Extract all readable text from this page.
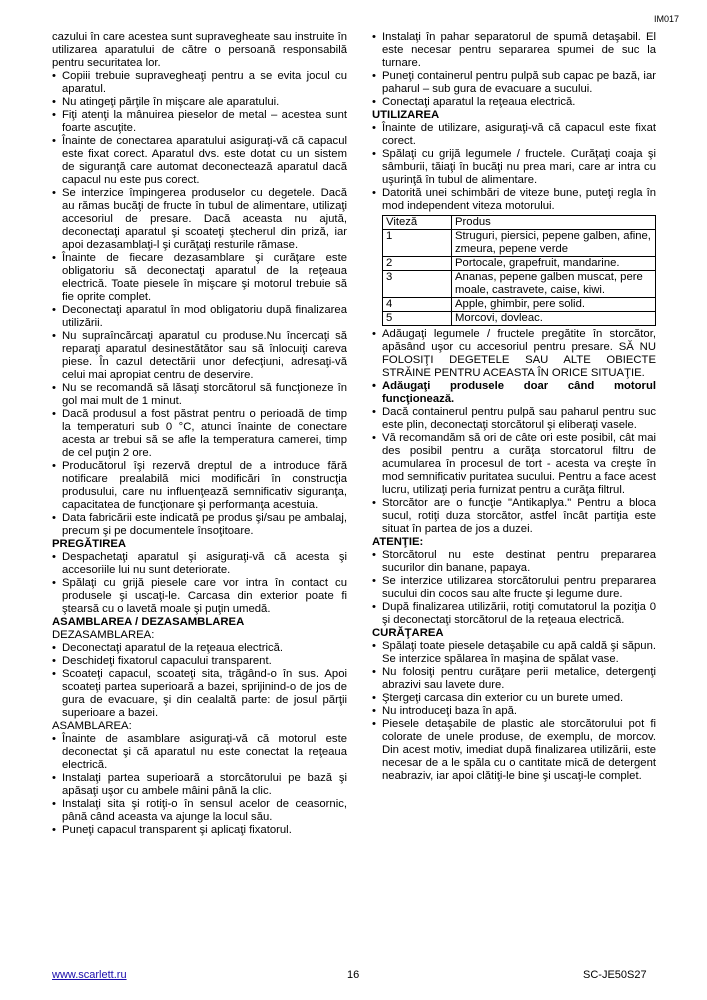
IM017

cazului în care acestea sunt supravegheate sau instruite în utilizarea aparatului de către o persoană responsabilă pentru securitatea lor.

• Copiii trebuie supravegheaţi pentru a se evita jocul cu aparatul.
• Nu atingeţi părţile în mişcare ale aparatului.
• Fiţi atenţi la mânuirea pieselor de metal – acestea sunt foarte ascuţite.
• Înainte de conectarea aparatului asiguraţi-vă că capacul este fixat corect. Aparatul dvs. este dotat cu un sistem de siguranţă care automat deconectează aparatul dacă capacul nu este pus corect.
• Se interzice împingerea produselor cu degetele. Dacă au rămas bucăţi de fructe în tubul de alimentare, utilizaţi accesoriul de presare. Dacă aceasta nu ajută, deconectaţi aparatul şi scoateţi ştecherul din priză, iar apoi dezasamblaţi-l şi curăţaţi resturile rămase.
• Înainte de fiecare dezasamblare şi curăţare este obligatoriu să deconectaţi aparatul de la reţeaua electrică. Toate piesele în mişcare şi motorul trebuie să fie oprite complet.
• Deconectaţi aparatul în mod obligatoriu după finalizarea utilizării.
• Nu supraîncărcaţi aparatul cu produse.Nu încercaţi să reparaţi aparatul desinestătător sau să înlocuiţi careva piese. În cazul detectării unor defecţiuni, adresaţi-vă celui mai apropiat centru de deservire.
• Nu se recomandă să lăsaţi storcătorul să funcţioneze în gol mai mult de 1 minut.
• Dacă produsul a fost păstrat pentru o perioadă de timp la temperaturi sub 0 °C, atunci înainte de conectare acesta ar trebui să se afle la temperatura camerei, timp de cel puţin 2 ore.
• Producătorul îşi rezervă dreptul de a introduce fără notificare prealabilă mici modificări în construcţia produsului, care nu influenţează semnificativ siguranţa, capacitatea de funcţionare şi performanţa acestuia.
• Data fabricării este indicată pe produs şi/sau pe ambalaj, precum şi pe documentele însoţitoare.

PREGĂTIREA

• Despachetaţi aparatul şi asiguraţi-vă că acesta şi accesoriile lui nu sunt deteriorate.
• Spălaţi cu grijă piesele care vor intra în contact cu produsele şi uscaţi-le. Carcasa din exterior poate fi ştearsă cu o lavetă moale şi puţin umedă.

ASAMBLAREA / DEZASAMBLAREA

DEZASAMBLAREA:

• Deconectaţi aparatul de la reţeaua electrică.
• Deschideţi fixatorul capacului transparent.
• Scoateţi capacul, scoateţi sita, trăgând-o în sus. Apoi scoateţi partea superioară a bazei, sprijinind-o de jos de gura de evacuare, şi din cealaltă parte: de josul părţii superioare a bazei.

ASAMBLAREA:

• Înainte de asamblare asiguraţi-vă că motorul este deconectat şi că aparatul nu este conectat la reţeaua electrică.
• Instalaţi partea superioară a storcătorului pe bază şi apăsaţi uşor cu ambele mâini până la clic.
• Instalaţi sita şi rotiţi-o în sensul acelor de ceasornic, până când aceasta va ajunge la locul său.
• Puneţi capacul transparent şi aplicaţi fixatorul.
• Instalaţi în pahar separatorul de spumă detaşabil. El este necesar pentru separarea spumei de suc la turnare.
• Puneţi containerul pentru pulpă sub capac pe bază, iar paharul – sub gura de evacuare a sucului.
• Conectaţi aparatul la reţeaua electrică.

UTILIZAREA

• Înainte de utilizare, asiguraţi-vă că capacul este fixat corect.
• Spălaţi cu grijă legumele / fructele. Curăţaţi coaja şi sâmburii, tăiaţi în bucăţi nu prea mari, care ar intra cu uşurinţă în tubul de alimentare.
• Datorită unei schimbări de viteze bune, puteţi regla în mod independent viteza motorului.
Viteză	Produs
1	Struguri, piersici, pepene galben, afine, zmeura, pepene verde
2	Portocale, grapefruit, mandarine.
3	Ananas, pepene galben muscat, pere moale, castravete, caise, kiwi.
4	Apple, ghimbir, pere solid.
5	Morcovi, dovleac.
• Adăugaţi legumele / fructele pregătite în storcător, apăsând uşor cu accesoriul pentru presare. SĂ NU FOLOSIŢI DEGETELE SAU ALTE OBIECTE STRĂINE PENTRU ACEASTA ÎN ORICE SITUAŢIE.
• Adăugaţi produsele doar când motorul funcţionează.
• Dacă containerul pentru pulpă sau paharul pentru suc este plin, deconectaţi storcătorul şi eliberaţi vasele.
• Vă recomandăm să ori de câte ori este posibil, cât mai des posibil pentru a curăţa storcatorul filtru de acumularea în procesul de tort - acesta va creşte în mod semnificativ puritatea sucului. Pentru a face acest lucru, utilizaţi peria furnizat pentru a curăţa filtrul.
• Storcător are o funcţie "Antikaplya." Pentru a bloca sucul, rotiţi duza storcător, astfel încât partiţia este situat în partea de jos a duzei.

ATENŢIE:

• Storcătorul nu este destinat pentru prepararea sucurilor din banane, papaya.
• Se interzice utilizarea storcătorului pentru prepararea sucului din cocos sau alte fructe şi legume dure.
• După finalizarea utilizării, rotiţi comutatorul la poziţia 0 şi deconectaţi storcătorul de la reţeaua electrică.

CURĂŢAREA

• Spălaţi toate piesele detaşabile cu apă caldă şi săpun. Se interzice spălarea în maşina de spălat vase.
• Nu folosiţi pentru curăţare perii metalice, detergenţi abrazivi sau lavete dure.
• Ştergeţi carcasa din exterior cu un burete umed.
• Nu introduceţi baza în apă.
• Piesele detaşabile de plastic ale storcătorului pot fi colorate de unele produse, de exemplu, de morcov. Din acest motiv, imediat după finalizarea utilizării, este necesar de a le spăla cu o cantitate mică de detergent neabraziv, iar apoi clătiţi-le bine şi uscaţi-le complet.
www.scarlett.ru	16	SC-JE50S27
